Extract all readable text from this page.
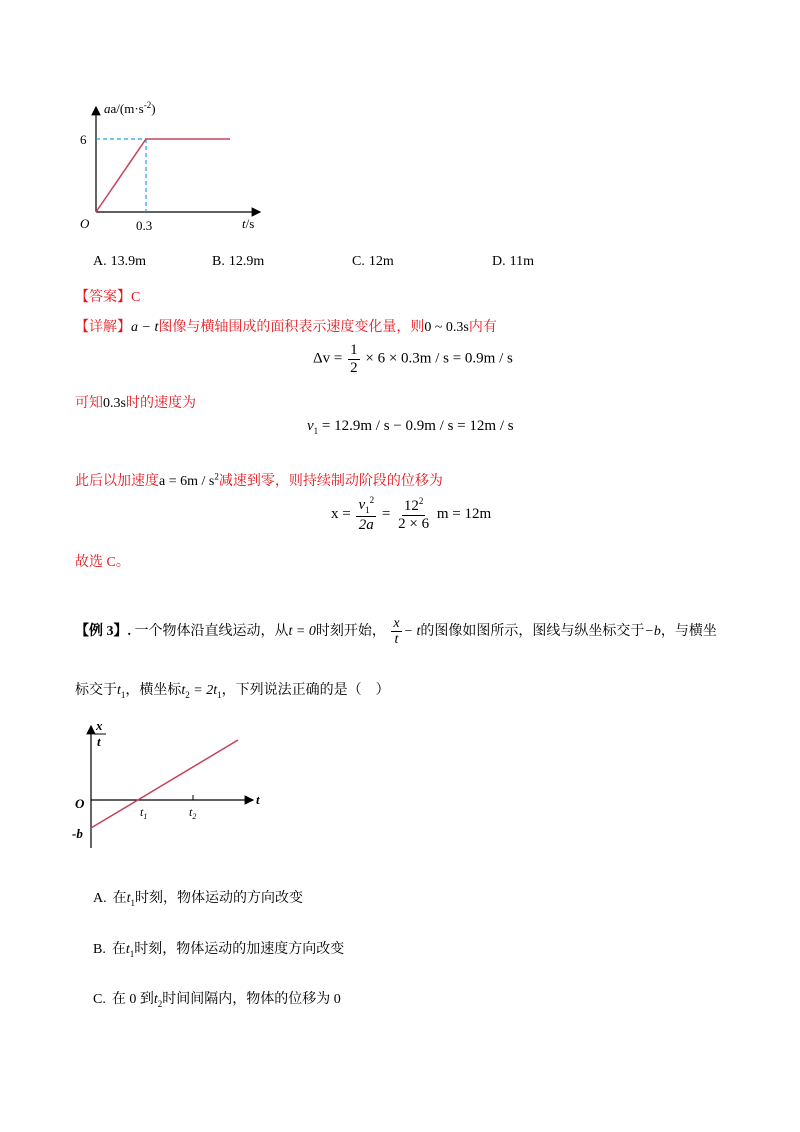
$aa/(m\cdot s^{-2})$
6
O	0.3	t/s
A. 13.9m	B. 12.9m	C. 12m	D. 11m
【答案】C
【详解】a − t图像与横轴围成的面积表示速度变化量，则0 ~ 0.3s内有
$\Delta v = \frac{1}{2} \times 6 \times 0.3m / s = 0.9m / s$
可知0.3s时的速度为
$v_1 = 12.9m / s - 0.9m / s = 12m / s$
此后以加速度$a = 6m / s^2$减速到零，则持续制动阶段的位移为
$x = \frac{v_1^2}{2a} = \frac{12^2}{2 \times 6}$ m = 12m
故选 C。
【例 3】. 一个物体沿直线运动，从t = 0时刻开始， $\frac{x}{t} - t$的图像如图所示，图线与纵坐标交于−b，与横坐
标交于$t_1$，横坐标$t_2 = 2t_1$，下列说法正确的是（　）
x
t
O
-b
$t_1$	$t_2$
t
A. 在$t_1$时刻，物体运动的方向改变
B. 在$t_1$时刻，物体运动的加速度方向改变
C. 在 0 到$t_2$时间间隔内，物体的位移为 0
